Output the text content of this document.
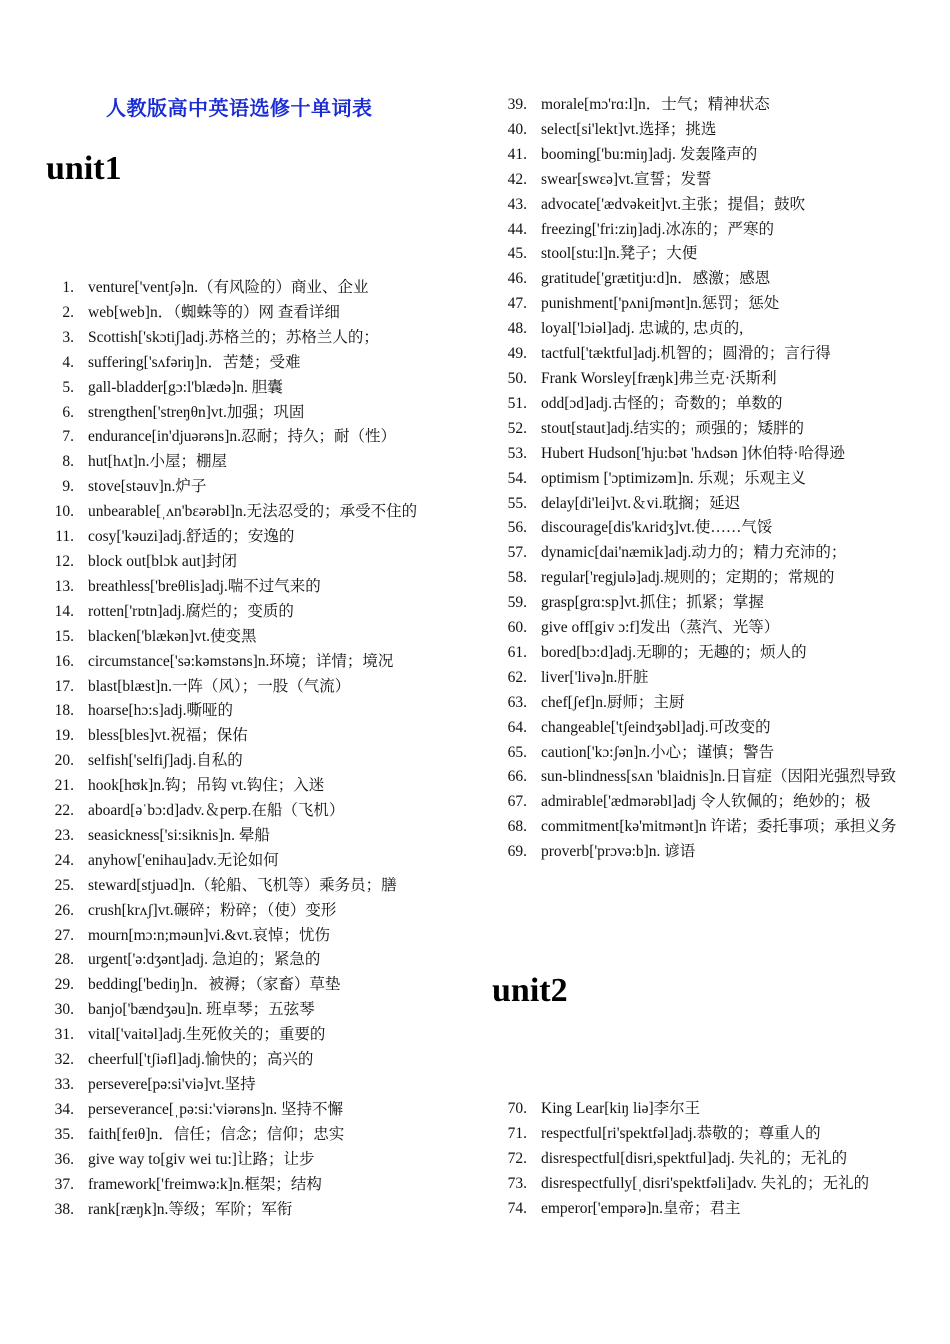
人教版高中英语选修十单词表
unit1
unit2
1. venture['ventʃə]n.（有风险的）商业、企业
2. web[web]n．（蜘蛛等的）网 查看详细
3. Scottish['skɔtiʃ]adj.苏格兰的；苏格兰人的；
4. suffering['sʌfəriŋ]n．苦楚；受难
5. gall-bladder[gɔ:l'blædə]n. 胆囊
6. strengthen['streŋθn]vt.加强；巩固
7. endurance[in'djuərəns]n.忍耐；持久；耐（性）
8. hut[hʌt]n.小屋；棚屋
9. stove[stəuv]n.炉子
10. unbearable[ˌʌn'bɛərəbl]n.无法忍受的；承受不住的
11. cosy['kəuzi]adj.舒适的；安逸的
12. block out[blɔk aut]封闭
13. breathless['breθlis]adj.喘不过气来的
14. rotten['rɒtn]adj.腐烂的；变质的
15. blacken['blækən]vt.使变黑
16. circumstance['sə:kəmstəns]n.环境；详情；境况
17. blast[blæst]n.一阵（风）；一股（气流）
18. hoarse[hɔ:s]adj.嘶哑的
19. bless[bles]vt.祝福；保佑
20. selfish['selfiʃ]adj.自私的
21. hook[hʊk]n.钩；吊钩 vt.钩住；入迷
22. aboard[əˈbɔ:d]adv.＆perp.在船（飞机）
23. seasickness['si:siknis]n. 晕船
24. anyhow['enihau]adv.无论如何
25. steward[stjuəd]n.（轮船、飞机等）乘务员；膳
26. crush[krʌʃ]vt.碾碎；粉碎；（使）变形
27. mourn[mɔ:n;məun]vi.&vt.哀悼；忧伤
28. urgent['ə:dʒənt]adj. 急迫的；紧急的
29. bedding['bediŋ]n．被褥；（家畜）草垫
30. banjo['bændʒəu]n. 班卓琴；五弦琴
31. vital['vaitəl]adj.生死攸关的；重要的
32. cheerful['tʃiəfl]adj.愉快的；高兴的
33. persevere[pə:si'viə]vt.坚持
34. perseverance[ˌpə:si:'viərəns]n. 坚持不懈
35. faith[feɪθ]n．信任；信念；信仰；忠实
36. give way to[giv wei tu:]让路；让步
37. framework['freimwə:k]n.框架；结构
38. rank[ræŋk]n.等级；军阶；军衔
39. morale[mɔ'rɑ:l]n．士气；精神状态
40. select[si'lekt]vt.选择；挑选
41. booming['bu:miŋ]adj. 发轰隆声的
42. swear[swɛə]vt.宣誓；发誓
43. advocate['ædvəkeit]vt.主张；提倡；鼓吹
44. freezing['fri:ziŋ]adj.冰冻的；严寒的
45. stool[stu:l]n.凳子；大便
46. gratitude['grætitju:d]n．感激；感恩
47. punishment['pʌniʃmənt]n.惩罚；惩处
48. loyal['lɔiəl]adj. 忠诚的, 忠贞的,
49. tactful['tæktful]adj.机智的；圆滑的；言行得
50. Frank Worsley[fræŋk]弗兰克·沃斯利
51. odd[ɔd]adj.古怪的；奇数的；单数的
52. stout[staut]adj.结实的；顽强的；矮胖的
53. Hubert Hudson['hju:bət 'hʌdsən ]休伯特·哈得逊
54. optimism ['ɔptimizəm]n. 乐观；乐观主义
55. delay[di'lei]vt.＆vi.耽搁；延迟
56. discourage[dis'kʌridʒ]vt.使……气馁
57. dynamic[dai'næmik]adj.动力的；精力充沛的；
58. regular['regjulə]adj.规则的；定期的；常规的
59. grasp[grɑ:sp]vt.抓住；抓紧；掌握
60. give off[giv ɔ:f]发出（蒸汽、光等）
61. bored[bɔ:d]adj.无聊的；无趣的；烦人的
62. liver['livə]n.肝脏
63. chef[ʃef]n.厨师；主厨
64. changeable['tʃeindʒəbl]adj.可改变的
65. caution['kɔ:ʃən]n.小心；谨慎；警告
66. sun-blindness[sʌn 'blaidnis]n.日盲症（因阳光强烈导致
67. admirable['ædmərəbl]adj 令人钦佩的；绝妙的；极
68. commitment[kə'mitmənt]n 许诺；委托事项；承担义务
69. proverb['prɔvə:b]n. 谚语
70. King Lear[kiŋ liə]李尔王
71. respectful[ri'spektfəl]adj.恭敬的；尊重人的
72. disrespectful[disri,spektful]adj. 失礼的；无礼的
73. disrespectfully[ˌdisri'spektfəli]adv. 失礼的；无礼的
74. emperor['empərə]n.皇帝；君主
